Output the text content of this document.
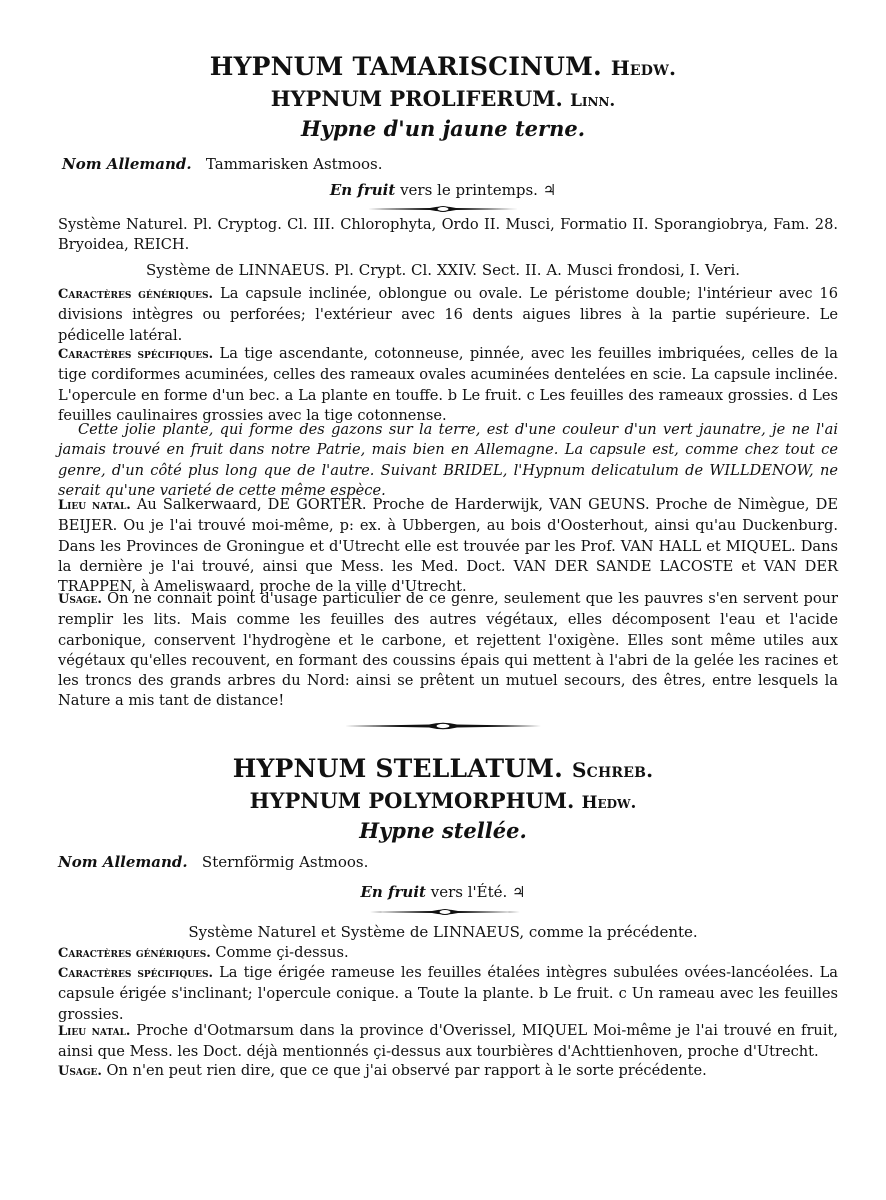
HYPNUM TAMARISCINUM. Hedw.
HYPNUM PROLIFERUM. Linn.
Hypne d'un jaune terne.
Nom Allemand. Tammarisken Astmoos.
En fruit vers le printemps. ♃

Système Naturel. Pl. Cryptog. Cl. III. Chlorophyta, Ordo II. Musci, Formatio II. Sporangiobrya, Fam. 28. Bryoidea, REICH.

Système de LINNAEUS. Pl. Crypt. Cl. XXIV. Sect. II. A. Musci frondosi, I. Veri.

Caractères génériques. La capsule inclinée, oblongue ou ovale. Le péristome double; l'intérieur avec 16 divisions intègres ou perforées; l'extérieur avec 16 dents aigues libres à la partie supérieure. Le pédicelle latéral.

Caractères spécifiques. La tige ascendante, cotonneuse, pinnée, avec les feuilles imbriquées, celles de la tige cordiformes acuminées, celles des rameaux ovales acuminées dentelées en scie. La capsule inclinée. L'opercule en forme d'un bec. a La plante en touffe. b Le fruit. c Les feuilles des rameaux grossies. d Les feuilles caulinaires grossies avec la tige cotonnense.

Cette jolie plante, qui forme des gazons sur la terre, est d'une couleur d'un vert jaunatre, je ne l'ai jamais trouvé en fruit dans notre Patrie, mais bien en Allemagne. La capsule est, comme chez tout ce genre, d'un côté plus long que de l'autre. Suivant BRIDEL, l'Hypnum delicatulum de WILLDENOW, ne serait qu'une varieté de cette même espèce.

Lieu natal. Au Salkerwaard, DE GORTER. Proche de Harderwijk, VAN GEUNS. Proche de Nimègue, DE BEIJER. Ou je l'ai trouvé moi-même, p: ex. à Ubbergen, au bois d'Oosterhout, ainsi qu'au Duckenburg. Dans les Provinces de Groningue et d'Utrecht elle est trouvée par les Prof. VAN HALL et MIQUEL. Dans la dernière je l'ai trouvé, ainsi que Mess. les Med. Doct. VAN DER SANDE LACOSTE et VAN DER TRAPPEN, à Ameliswaard, proche de la ville d'Utrecht.

Usage. On ne connait point d'usage particulier de ce genre, seulement que les pauvres s'en servent pour remplir les lits. Mais comme les feuilles des autres végétaux, elles décomposent l'eau et l'acide carbonique, conservent l'hydrogène et le carbone, et rejettent l'oxigène. Elles sont même utiles aux végétaux qu'elles recouvent, en formant des coussins épais qui mettent à l'abri de la gelée les racines et les troncs des grands arbres du Nord: ainsi se prêtent un mutuel secours, des êtres, entre lesquels la Nature a mis tant de distance!

HYPNUM STELLATUM. Schreb.
HYPNUM POLYMORPHUM. Hedw.
Hypne stellée.
Nom Allemand. Sternförmig Astmoos.
En fruit vers l'Été. ♃
Système Naturel et Système de LINNAEUS, comme la précédente.

Caractères génériques. Comme çi-dessus.

Caractères spécifiques. La tige érigée rameuse les feuilles étalées intègres subulées ovées-lancéolées. La capsule érigée s'inclinant; l'opercule conique. a Toute la plante. b Le fruit. c Un rameau avec les feuilles grossies.

Lieu natal. Proche d'Ootmarsum dans la province d'Overissel, MIQUEL Moi-même je l'ai trouvé en fruit, ainsi que Mess. les Doct. déjà mentionnés çi-dessus aux tourbières d'Achttienhoven, proche d'Utrecht.

Usage. On n'en peut rien dire, que ce que j'ai observé par rapport à le sorte précédente.
